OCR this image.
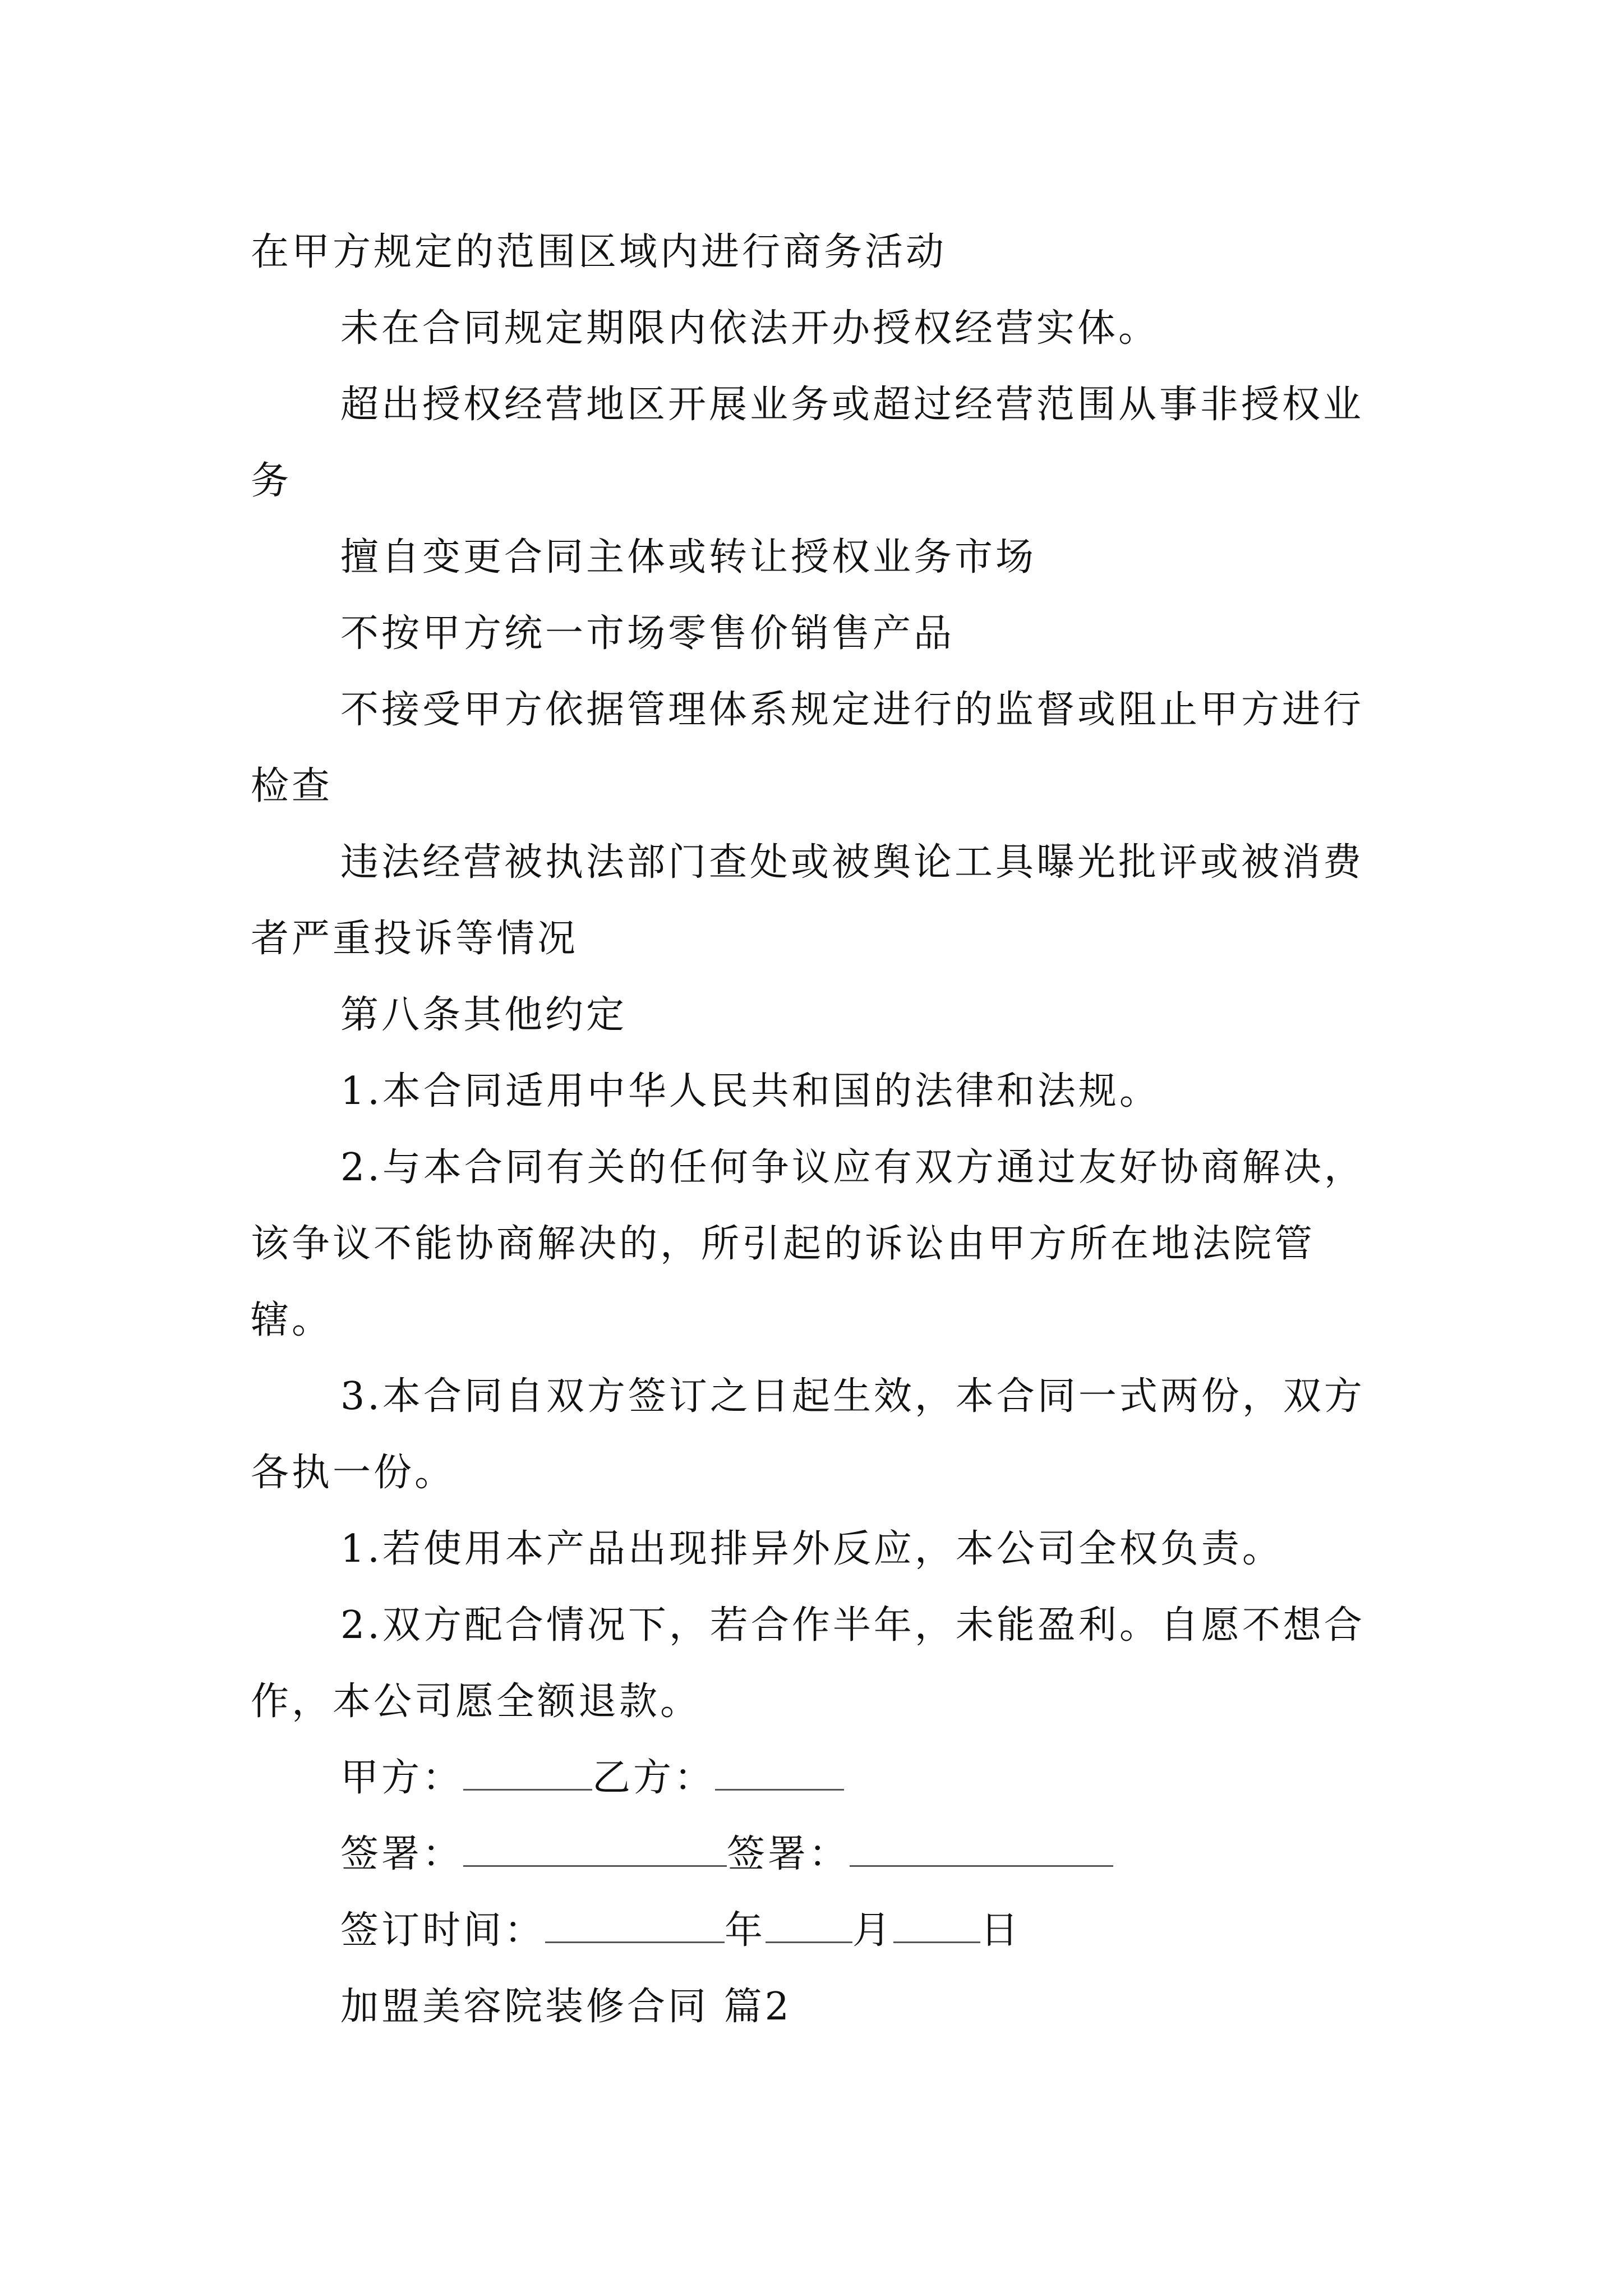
在甲方规定的范围区域内进行商务活动

未在合同规定期限内依法开办授权经营实体。

超出授权经营地区开展业务或超过经营范围从事非授权业务

擅自变更合同主体或转让授权业务市场

不按甲方统一市场零售价销售产品

不接受甲方依据管理体系规定进行的监督或阻止甲方进行检查

违法经营被执法部门查处或被舆论工具曝光批评或被消费者严重投诉等情况

第八条其他约定

1.本合同适用中华人民共和国的法律和法规。

2.与本合同有关的任何争议应有双方通过友好协商解决，该争议不能协商解决的，所引起的诉讼由甲方所在地法院管辖。

3.本合同自双方签订之日起生效，本合同一式两份，双方各执一份。

1.若使用本产品出现排异外反应，本公司全权负责。

2.双方配合情况下，若合作半年，未能盈利。自愿不想合作，本公司愿全额退款。

甲方：	乙方：

签署：	签署：

签订时间：	年 月 日

加盟美容院装修合同 篇2
